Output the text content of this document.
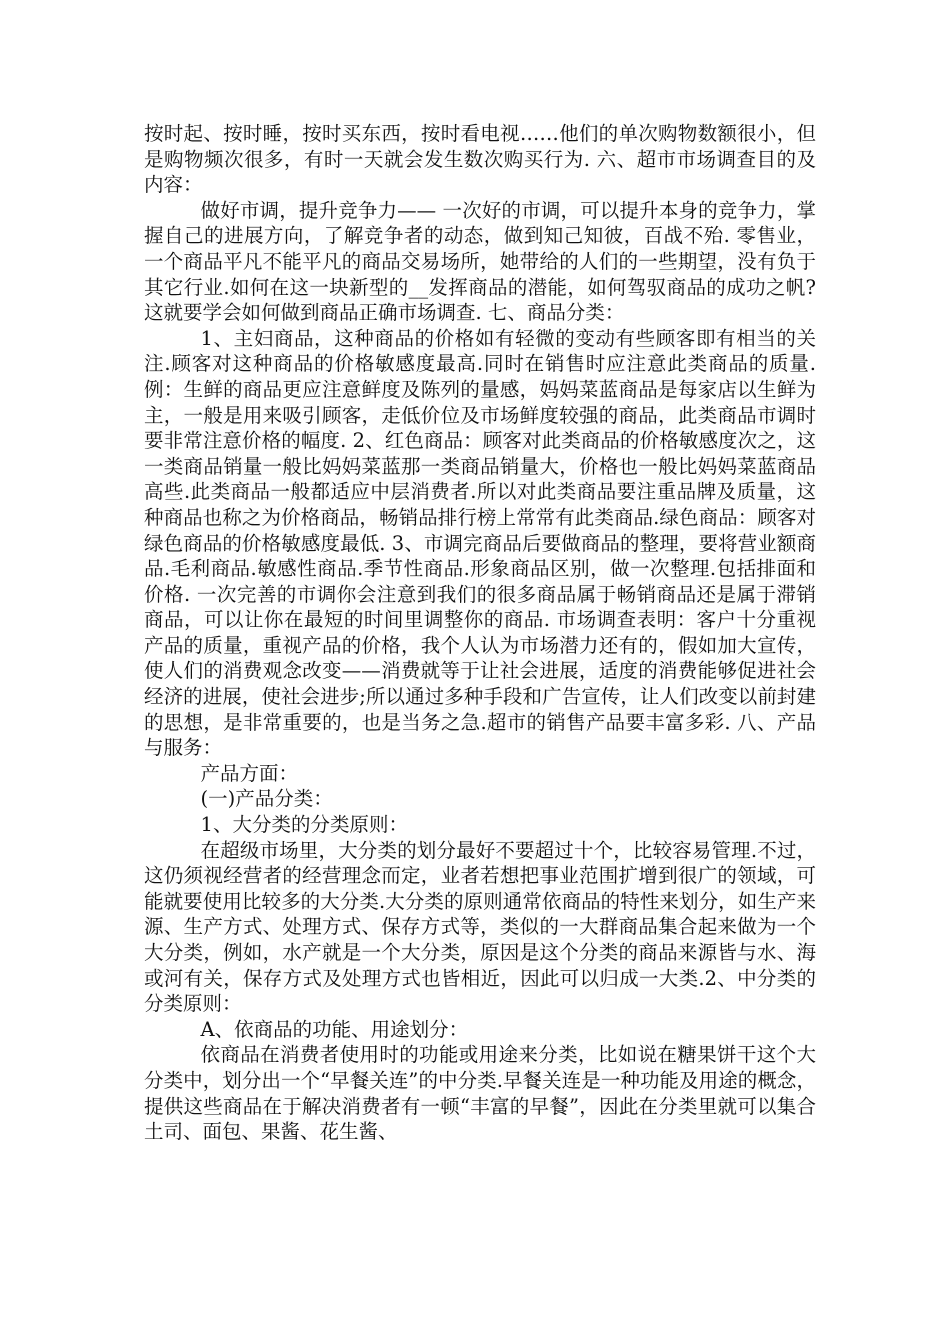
按时起、按时睡，按时买东西，按时看电视……他们的单次购物数额很小，但是购物频次很多，有时一天就会发生数次购买行为. 六、超市市场调查目的及内容：

做好市调，提升竞争力—— 一次好的市调，可以提升本身的竞争力，掌握自己的进展方向，了解竞争者的动态，做到知己知彼，百战不殆. 零售业，一个商品平凡不能平凡的商品交易场所，她带给的人们的一些期望，没有负于其它行业.如何在这一块新型的__发挥商品的潜能，如何驾驭商品的成功之帆?这就要学会如何做到商品正确市场调查. 七、商品分类：

1、主妇商品，这种商品的价格如有轻微的变动有些顾客即有相当的关注.顾客对这种商品的价格敏感度最高.同时在销售时应注意此类商品的质量.例：生鲜的商品更应注意鲜度及陈列的量感，妈妈菜蓝商品是每家店以生鲜为主，一般是用来吸引顾客，走低价位及市场鲜度较强的商品，此类商品市调时要非常注意价格的幅度. 2、红色商品：顾客对此类商品的价格敏感度次之，这一类商品销量一般比妈妈菜蓝那一类商品销量大，价格也一般比妈妈菜蓝商品高些.此类商品一般都适应中层消费者.所以对此类商品要注重品牌及质量，这种商品也称之为价格商品，畅销品排行榜上常常有此类商品.绿色商品：顾客对绿色商品的价格敏感度最低. 3、市调完商品后要做商品的整理，要将营业额商品.毛利商品.敏感性商品.季节性商品.形象商品区别，做一次整理.包括排面和价格. 一次完善的市调你会注意到我们的很多商品属于畅销商品还是属于滞销商品，可以让你在最短的时间里调整你的商品. 市场调查表明：客户十分重视产品的质量，重视产品的价格，我个人认为市场潜力还有的，假如加大宣传，使人们的消费观念改变——消费就等于让社会进展，适度的消费能够促进社会经济的进展，使社会进步;所以通过多种手段和广告宣传，让人们改变以前封建的思想，是非常重要的，也是当务之急.超市的销售产品要丰富多彩. 八、产品与服务：

产品方面：

(一)产品分类：

1、大分类的分类原则：

在超级市场里，大分类的划分最好不要超过十个，比较容易管理.不过，这仍须视经营者的经营理念而定，业者若想把事业范围扩增到很广的领域，可能就要使用比较多的大分类.大分类的原则通常依商品的特性来划分，如生产来源、生产方式、处理方式、保存方式等，类似的一大群商品集合起来做为一个大分类，例如，水产就是一个大分类，原因是这个分类的商品来源皆与水、海或河有关，保存方式及处理方式也皆相近，因此可以归成一大类.2、中分类的分类原则：

A、依商品的功能、用途划分：

依商品在消费者使用时的功能或用途来分类，比如说在糖果饼干这个大分类中，划分出一个“早餐关连”的中分类.早餐关连是一种功能及用途的概念，提供这些商品在于解决消费者有一顿“丰富的早餐”，因此在分类里就可以集合土司、面包、果酱、花生酱、
